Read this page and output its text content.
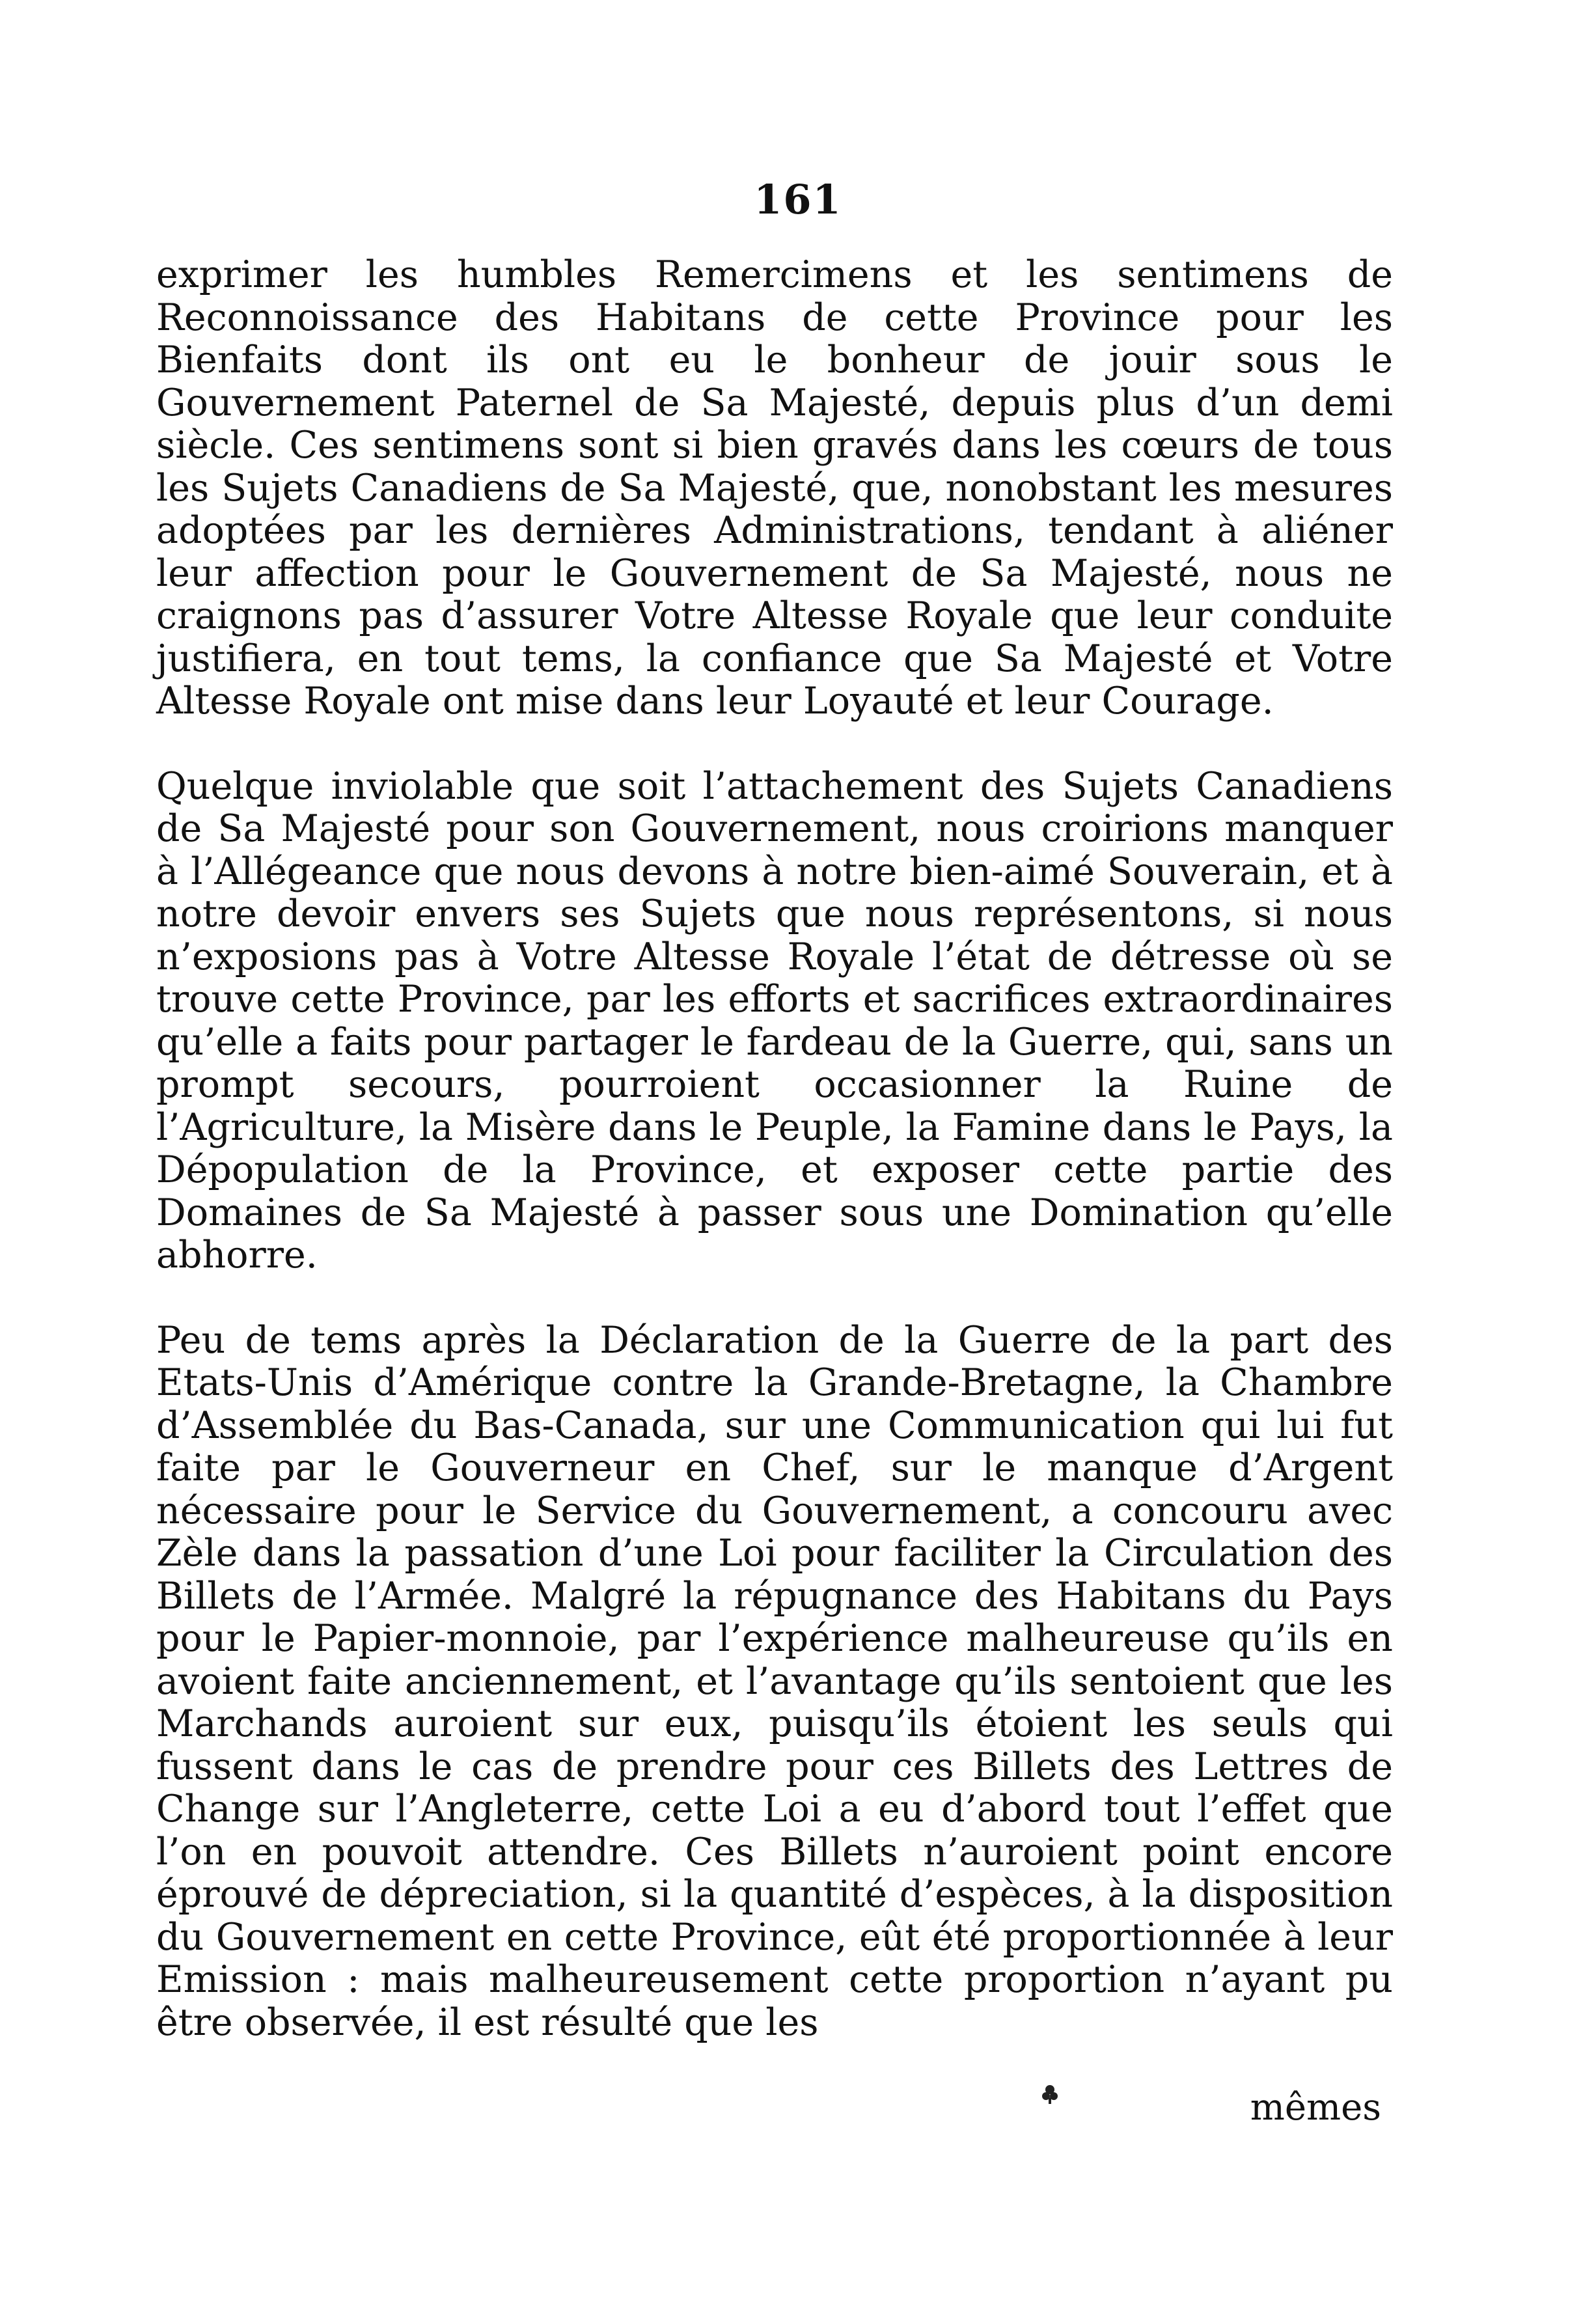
161

exprimer les humbles Remercimens et les sentimens de Reconnoissance des Habitans de cette Province pour les Bienfaits dont ils ont eu le bonheur de jouir sous le Gouvernement Paternel de Sa Majesté, depuis plus d’un demi siècle. Ces sentimens sont si bien gravés dans les cœurs de tous les Sujets Canadiens de Sa Majesté, que, nonobstant les mesures adoptées par les dernières Administrations, tendant à aliéner leur affection pour le Gouvernement de Sa Majesté, nous ne craignons pas d’assurer Votre Altesse Royale que leur conduite justifiera, en tout tems, la confiance que Sa Majesté et Votre Altesse Royale ont mise dans leur Loyauté et leur Courage.

Quelque inviolable que soit l’attachement des Sujets Canadiens de Sa Majesté pour son Gouvernement, nous croirions manquer à l’Allégeance que nous devons à notre bien-aimé Souverain, et à notre devoir envers ses Sujets que nous représentons, si nous n’exposions pas à Votre Altesse Royale l’état de détresse où se trouve cette Province, par les efforts et sacrifices extraordinaires qu’elle a faits pour partager le fardeau de la Guerre, qui, sans un prompt secours, pourroient occasionner la Ruine de l’Agriculture, la Misère dans le Peuple, la Famine dans le Pays, la Dépopulation de la Province, et exposer cette partie des Domaines de Sa Majesté à passer sous une Domination qu’elle abhorre.

Peu de tems après la Déclaration de la Guerre de la part des Etats-Unis d’Amérique contre la Grande-Bretagne, la Chambre d’Assemblée du Bas-Canada, sur une Communication qui lui fut faite par le Gouverneur en Chef, sur le manque d’Argent nécessaire pour le Service du Gouvernement, a concouru avec Zèle dans la passation d’une Loi pour faciliter la Circulation des Billets de l’Armée. Malgré la répugnance des Habitans du Pays pour le Papier-monnoie, par l’expérience malheureuse qu’ils en avoient faite anciennement, et l’avantage qu’ils sentoient que les Marchands auroient sur eux, puisqu’ils étoient les seuls qui fussent dans le cas de prendre pour ces Billets des Lettres de Change sur l’Angleterre, cette Loi a eu d’abord tout l’effet que l’on en pouvoit attendre. Ces Billets n’auroient point encore éprouvé de dépreciation, si la quantité d’espèces, à la disposition du Gouvernement en cette Province, eût été proportionnée à leur Emission : mais malheureusement cette proportion n’ayant pu être observée, il est résulté que les

mêmes
